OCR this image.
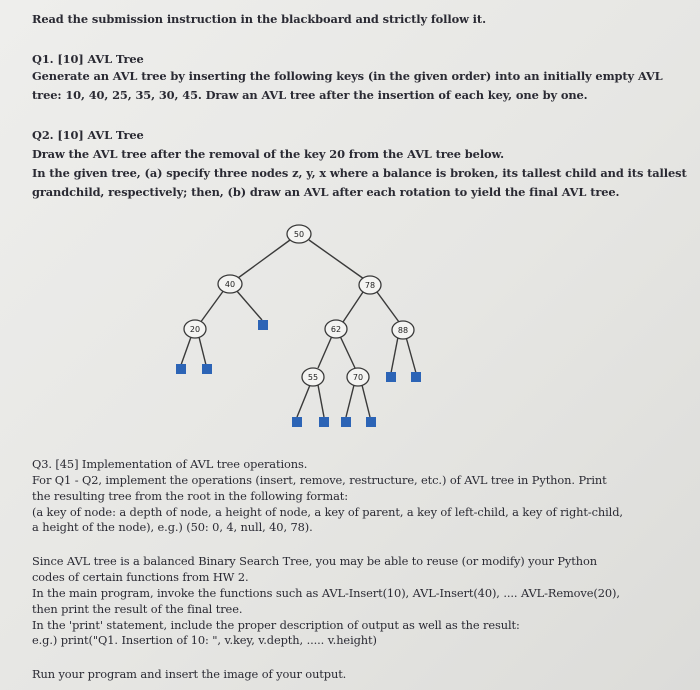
Read the submission instruction in the blackboard and strictly follow it.
Q1. [10] AVL Tree
Generate an AVL tree by inserting the following keys (in the given order) into an initially empty AVL
tree: 10, 40, 25, 35, 30, 45. Draw an AVL tree after the insertion of each key, one by one.
Q2. [10] AVL Tree
Draw the AVL tree after the removal of the key 20 from the AVL tree below.
In the given tree, (a) specify three nodes z, y, x where a balance is broken, its tallest child and its tallest
grandchild, respectively; then, (b) draw an AVL after each rotation to yield the final AVL tree.
50
40	78
20	62	88
55	70
Q3. [45] Implementation of AVL tree operations.
For Q1 - Q2, implement the operations (insert, remove, restructure, etc.) of AVL tree in Python. Print
the resulting tree from the root in the following format:
(a key of node: a depth of node, a height of node, a key of parent, a key of left-child, a key of right-child,
a height of the node), e.g.) (50: 0, 4, null, 40, 78).
Since AVL tree is a balanced Binary Search Tree, you may be able to reuse (or modify) your Python
codes of certain functions from HW 2.
In the main program, invoke the functions such as AVL-Insert(10), AVL-Insert(40), .... AVL-Remove(20),
then print the result of the final tree.
In the 'print' statement, include the proper description of output as well as the result:
e.g.) print("Q1. Insertion of 10: ", v.key, v.depth, ..... v.height)
Run your program and insert the image of your output.
